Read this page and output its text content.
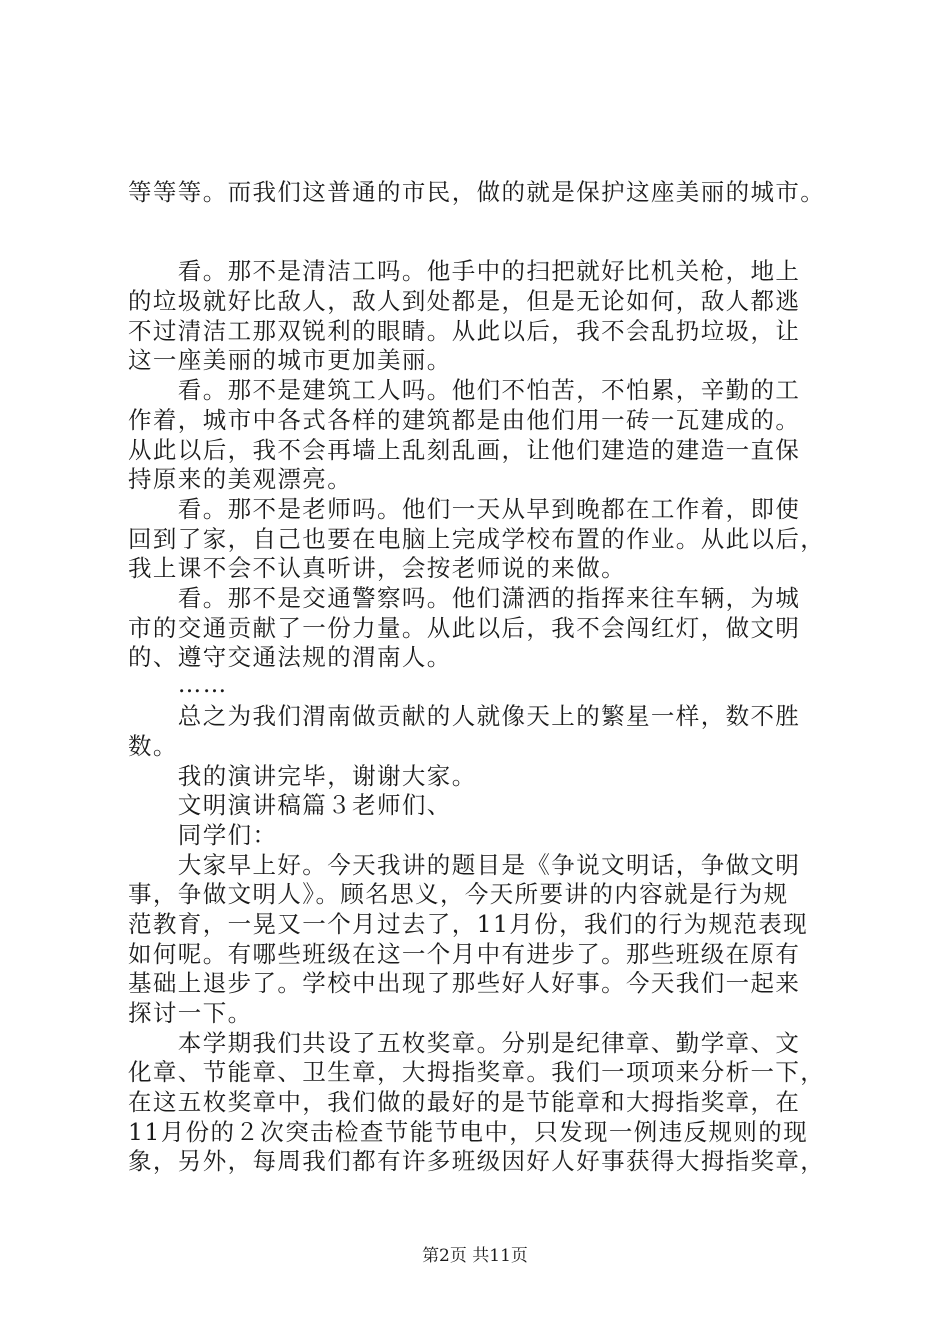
等等等。而我们这普通的市民，做的就是保护这座美丽的城市。
　　看。那不是清洁工吗。他手中的扫把就好比机关枪，地上
的垃圾就好比敌人，敌人到处都是，但是无论如何，敌人都逃
不过清洁工那双锐利的眼睛。从此以后，我不会乱扔垃圾，让
这一座美丽的城市更加美丽。
　　看。那不是建筑工人吗。他们不怕苦，不怕累，辛勤的工
作着，城市中各式各样的建筑都是由他们用一砖一瓦建成的。
从此以后，我不会再墙上乱刻乱画，让他们建造的建造一直保
持原来的美观漂亮。
　　看。那不是老师吗。他们一天从早到晚都在工作着，即使
回到了家，自己也要在电脑上完成学校布置的作业。从此以后，
我上课不会不认真听讲，会按老师说的来做。
　　看。那不是交通警察吗。他们潇洒的指挥来往车辆，为城
市的交通贡献了一份力量。从此以后，我不会闯红灯，做文明
的、遵守交通法规的渭南人。
　　……
　　总之为我们渭南做贡献的人就像天上的繁星一样，数不胜
数。
　　我的演讲完毕，谢谢大家。
　　文明演讲稿篇３老师们、
　　同学们：
　　大家早上好。今天我讲的题目是《争说文明话，争做文明
事，争做文明人》。顾名思义，今天所要讲的内容就是行为规
范教育，一晃又一个月过去了，11月份，我们的行为规范表现
如何呢。有哪些班级在这一个月中有进步了。那些班级在原有
基础上退步了。学校中出现了那些好人好事。今天我们一起来
探讨一下。
　　本学期我们共设了五枚奖章。分别是纪律章、勤学章、文
化章、节能章、卫生章，大拇指奖章。我们一项项来分析一下，
在这五枚奖章中，我们做的最好的是节能章和大拇指奖章，在
11月份的２次突击检查节能节电中，只发现一例违反规则的现
象，另外，每周我们都有许多班级因好人好事获得大拇指奖章，
第2页 共11页
